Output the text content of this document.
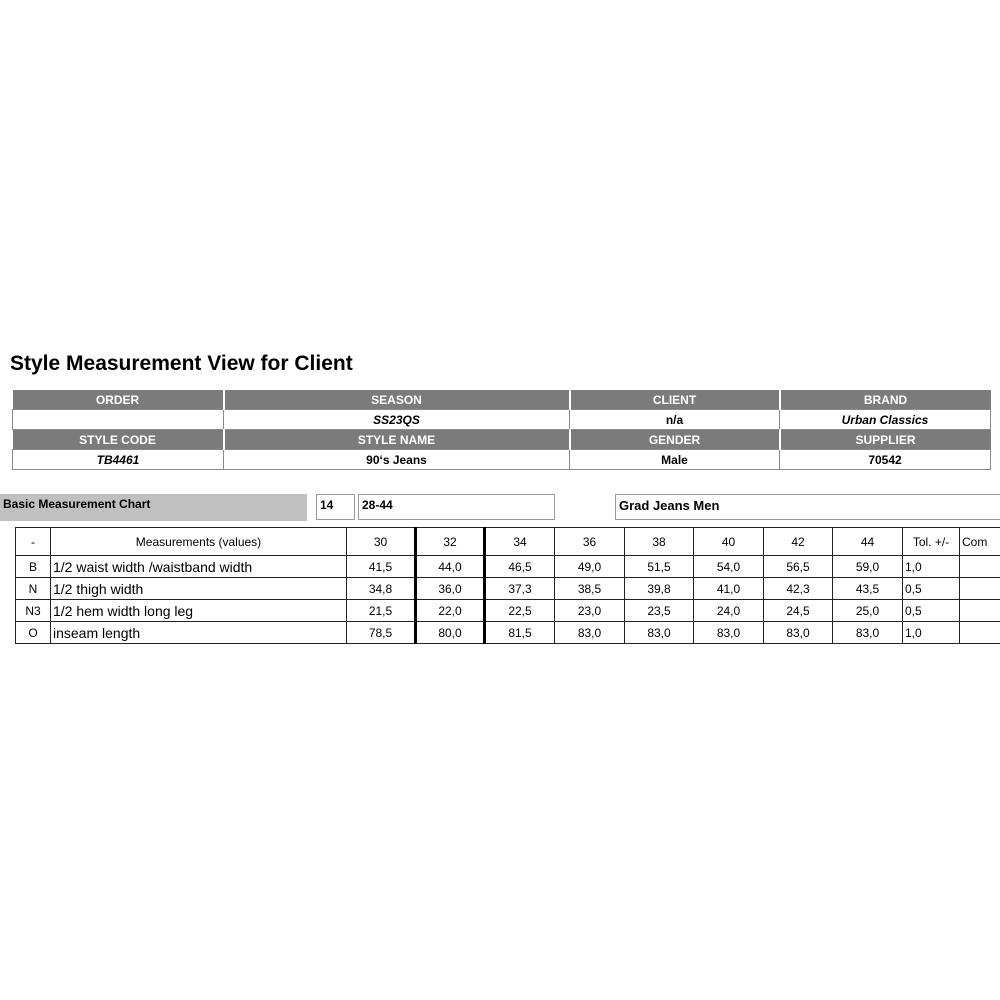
Style Measurement View for Client
ORDER	SEASON	CLIENT	BRAND
	SS23QS	n/a	Urban Classics
STYLE CODE	STYLE NAME	GENDER	SUPPLIER
TB4461	90‘s Jeans	Male	70542
Basic Measurement Chart	14	28-44	Grad Jeans Men
-	Measurements (values)	30	32	34	36	38	40	42	44	Tol. +/-	Com
B	1/2 waist width /waistband width	41,5	44,0	46,5	49,0	51,5	54,0	56,5	59,0	1,0	
N	1/2 thigh width	34,8	36,0	37,3	38,5	39,8	41,0	42,3	43,5	0,5	
N3	1/2 hem width long leg	21,5	22,0	22,5	23,0	23,5	24,0	24,5	25,0	0,5	
O	inseam length	78,5	80,0	81,5	83,0	83,0	83,0	83,0	83,0	1,0	
